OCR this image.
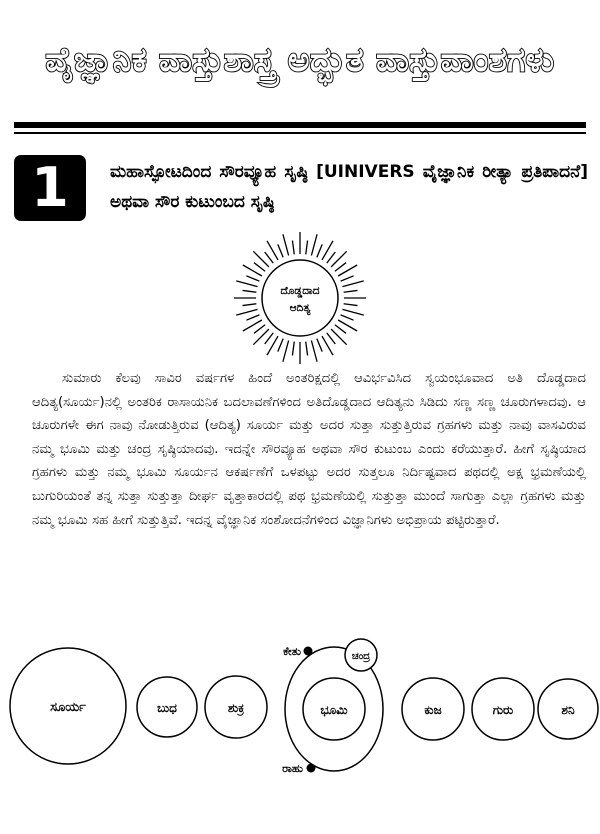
ವೈಜ್ಞಾನಿಕ ವಾಸ್ತುಶಾಸ್ತ್ರ ಅದ್ಭುತ ವಾಸ್ತುವಾಂಶಗಳು
1	ಮಹಾಸ್ಫೋಟದಿಂದ ಸೌರವ್ಯೂಹ ಸೃಷ್ಠಿ [UINIVERS ವೈಜ್ಞಾನಿಕ ರೀತ್ಯಾ ಪ್ರತಿಪಾದನೆ] ಅಥವಾ ಸೌರ ಕುಟುಂಬದ ಸೃಷ್ಠಿ
ದೊಡ್ಡದಾದ
ಆದಿತ್ಯ
ಸುಮಾರು ಕೆಲವು ಸಾವಿರ ವರ್ಷಗಳ ಹಿಂದೆ ಅಂತರಿಕ್ಷದಲ್ಲಿ ಆವಿರ್ಭವಿಸಿದ ಸ್ವಯಂಭೂವಾದ ಅತಿ ದೊಡ್ಡದಾದ ಆದಿತ್ಯ(ಸೂರ್ಯ)ನಲ್ಲಿ ಅಂತರಿಕ ರಾಸಾಯನಿಕ ಬದಲಾವಣೆಗಳಿಂದ ಅತಿದೊಡ್ಡದಾದ ಆದಿತ್ಯನು ಸಿಡಿದು ಸಣ್ಣ ಸಣ್ಣ ಚೂರುಗಳಾದವು. ಆ ಚೂರುಗಳೇ ಈಗ ನಾವು ನೋಡುತ್ತಿರುವ (ಆದಿತ್ಯ) ಸೂರ್ಯ ಮತ್ತು ಅದರ ಸುತ್ತಾ ಸುತ್ತುತ್ತಿರುವ ಗ್ರಹಗಳು ಮತ್ತು ನಾವು ವಾಸವಿರುವ ನಮ್ಮ ಭೂಮಿ ಮತ್ತು ಚಂದ್ರ ಸೃಷ್ಠಿಯಾದವು. ಇದನ್ನೇ ಸೌರವ್ಯೂಹ ಅಥವಾ ಸೌರ ಕುಟುಂಬ ಎಂದು ಕರೆಯುತ್ತಾರೆ. ಹೀಗೆ ಸೃಷ್ಠಿಯಾದ ಗ್ರಹಗಳು ಮತ್ತು ನಮ್ಮ ಭೂಮಿ ಸೂರ್ಯನ ಆಕರ್ಷಣೆಗೆ ಒಳಪಟ್ಟು ಅದರ ಸುತ್ತಲೂ ನಿರ್ದಿಷ್ಟವಾದ ಪಥದಲ್ಲಿ ಅಕ್ಷ ಭ್ರಮಣೆಯಲ್ಲಿ ಬುಗುರಿಯಂತೆ ತನ್ನ ಸುತ್ತಾ ಸುತ್ತುತ್ತಾ ದೀರ್ಘ ವೃತ್ತಾಕಾರದಲ್ಲಿ ಪಥ ಭ್ರಮಣೆಯಲ್ಲಿ ಸುತ್ತುತ್ತಾ ಮುಂದೆ ಸಾಗುತ್ತಾ ಎಲ್ಲಾ ಗ್ರಹಗಳು ಮತ್ತು ನಮ್ಮ ಭೂಮಿ ಸಹ ಹೀಗೆ ಸುತ್ತುತ್ತಿವೆ. ಇದನ್ನ ವೈಜ್ಞಾನಿಕ ಸಂಶೋದನೆಗಳಿಂದ ವಿಜ್ಞಾನಿಗಳು ಅಭಿಪ್ರಾಯ ಪಟ್ಟಿರುತ್ತಾರೆ.
ಸೂರ್ಯ	ಬುಧ	ಶುಕ್ರ	ಭೂಮಿ
ಚಂದ್ರ
ಕೇತು
ರಾಹು
ಕುಜ	ಗುರು	ಶನಿ
